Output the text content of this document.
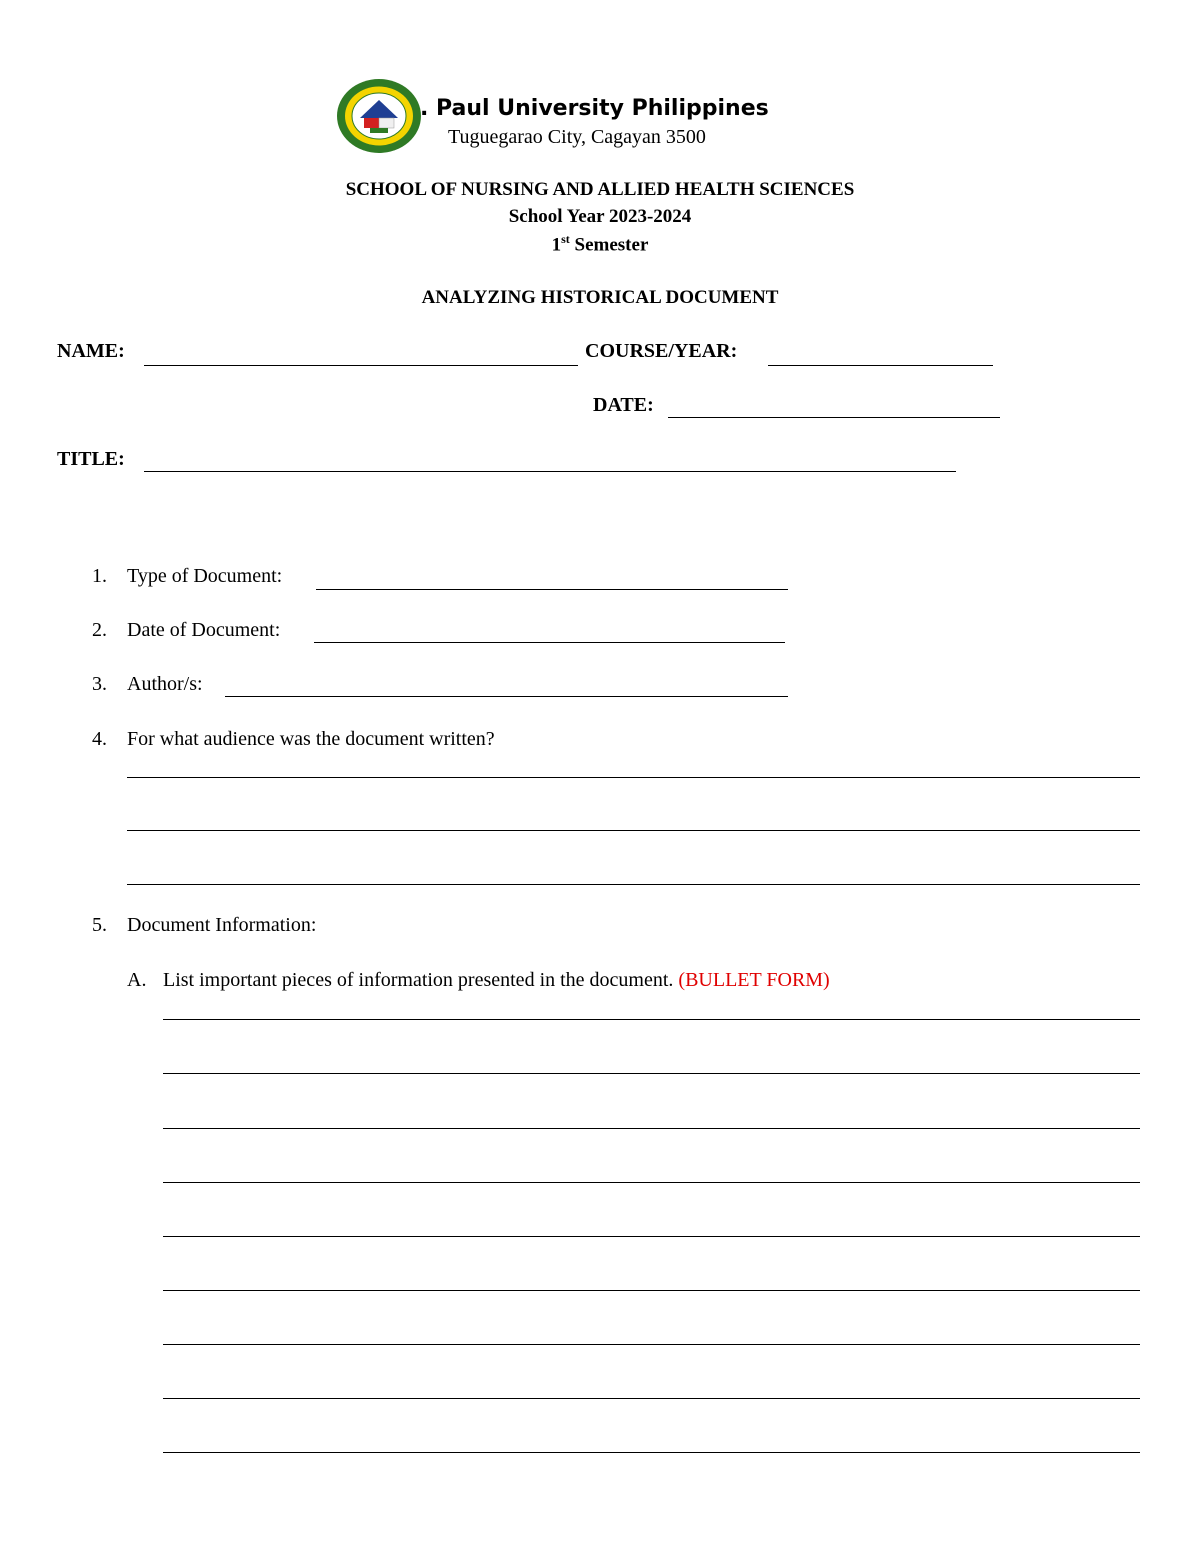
. Paul University Philippines
Tuguegarao City, Cagayan 3500
SCHOOL OF NURSING AND ALLIED HEALTH SCIENCES
School Year 2023-2024
1st Semester
ANALYZING HISTORICAL DOCUMENT
NAME:	COURSE/YEAR:
DATE:
TITLE:
1. Type of Document:
2. Date of Document:
3. Author/s:
4. For what audience was the document written?
5. Document Information:
A. List important pieces of information presented in the document. (BULLET FORM)
